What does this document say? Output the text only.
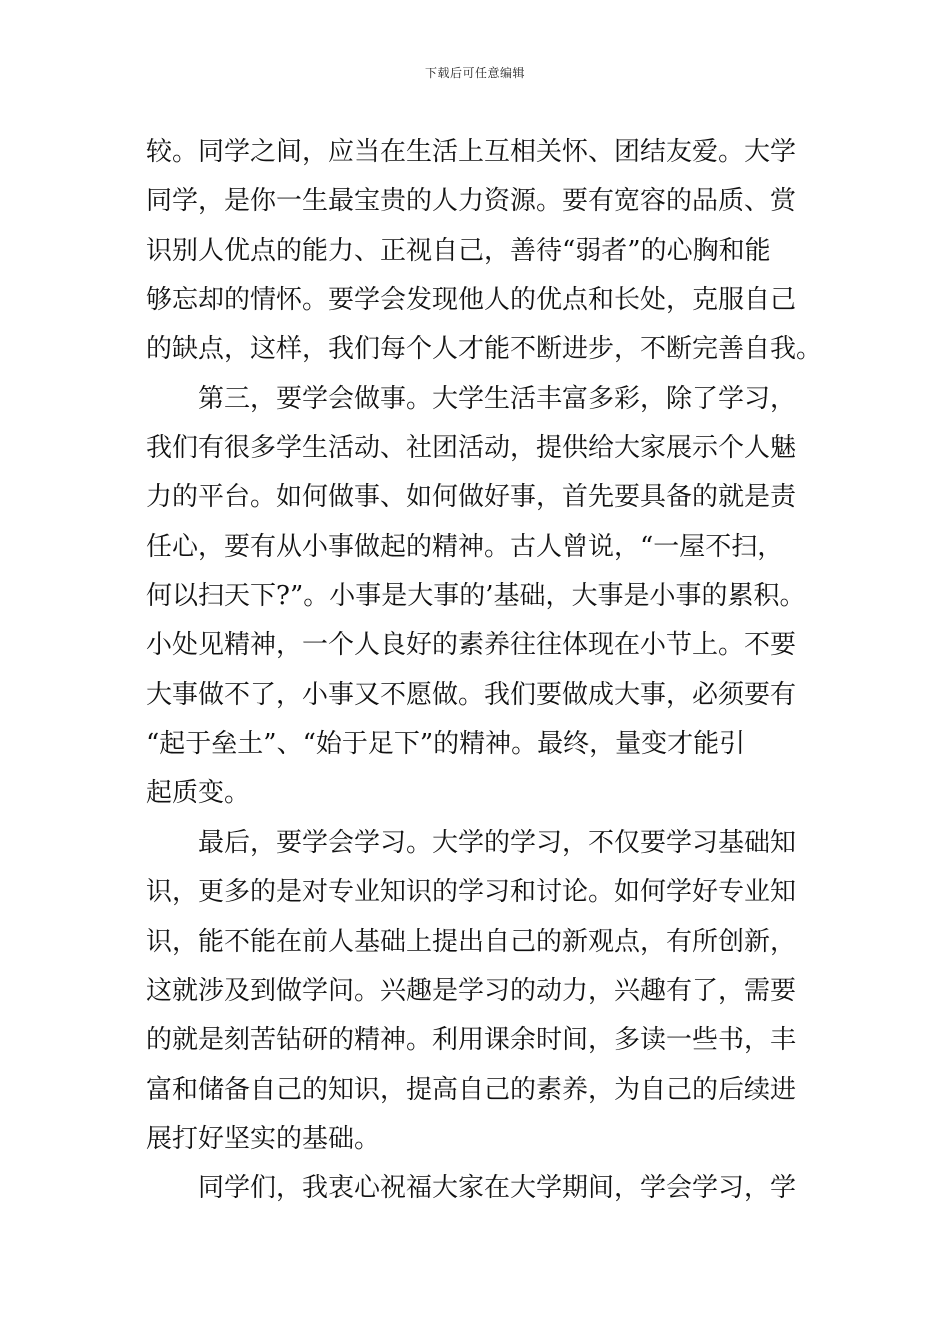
下载后可任意编辑
较。同学之间，应当在生活上互相关怀、团结友爱。大学
同学，是你一生最宝贵的人力资源。要有宽容的品质、赏
识别人优点的能力、正视自己，善待“弱者”的心胸和能
够忘却的情怀。要学会发现他人的优点和长处，克服自己
的缺点，这样，我们每个人才能不断进步，不断完善自我。
第三，要学会做事。大学生活丰富多彩，除了学习，
我们有很多学生活动、社团活动，提供给大家展示个人魅
力的平台。如何做事、如何做好事，首先要具备的就是责
任心，要有从小事做起的精神。古人曾说，“一屋不扫，
何以扫天下?”。小事是大事的’基础，大事是小事的累积。
小处见精神，一个人良好的素养往往体现在小节上。不要
大事做不了，小事又不愿做。我们要做成大事，必须要有
“起于垒土”、“始于足下”的精神。最终，量变才能引
起质变。
最后，要学会学习。大学的学习，不仅要学习基础知
识，更多的是对专业知识的学习和讨论。如何学好专业知
识，能不能在前人基础上提出自己的新观点，有所创新，
这就涉及到做学问。兴趣是学习的动力，兴趣有了，需要
的就是刻苦钻研的精神。利用课余时间，多读一些书，丰
富和储备自己的知识，提高自己的素养，为自己的后续进
展打好坚实的基础。
同学们，我衷心祝福大家在大学期间，学会学习，学
